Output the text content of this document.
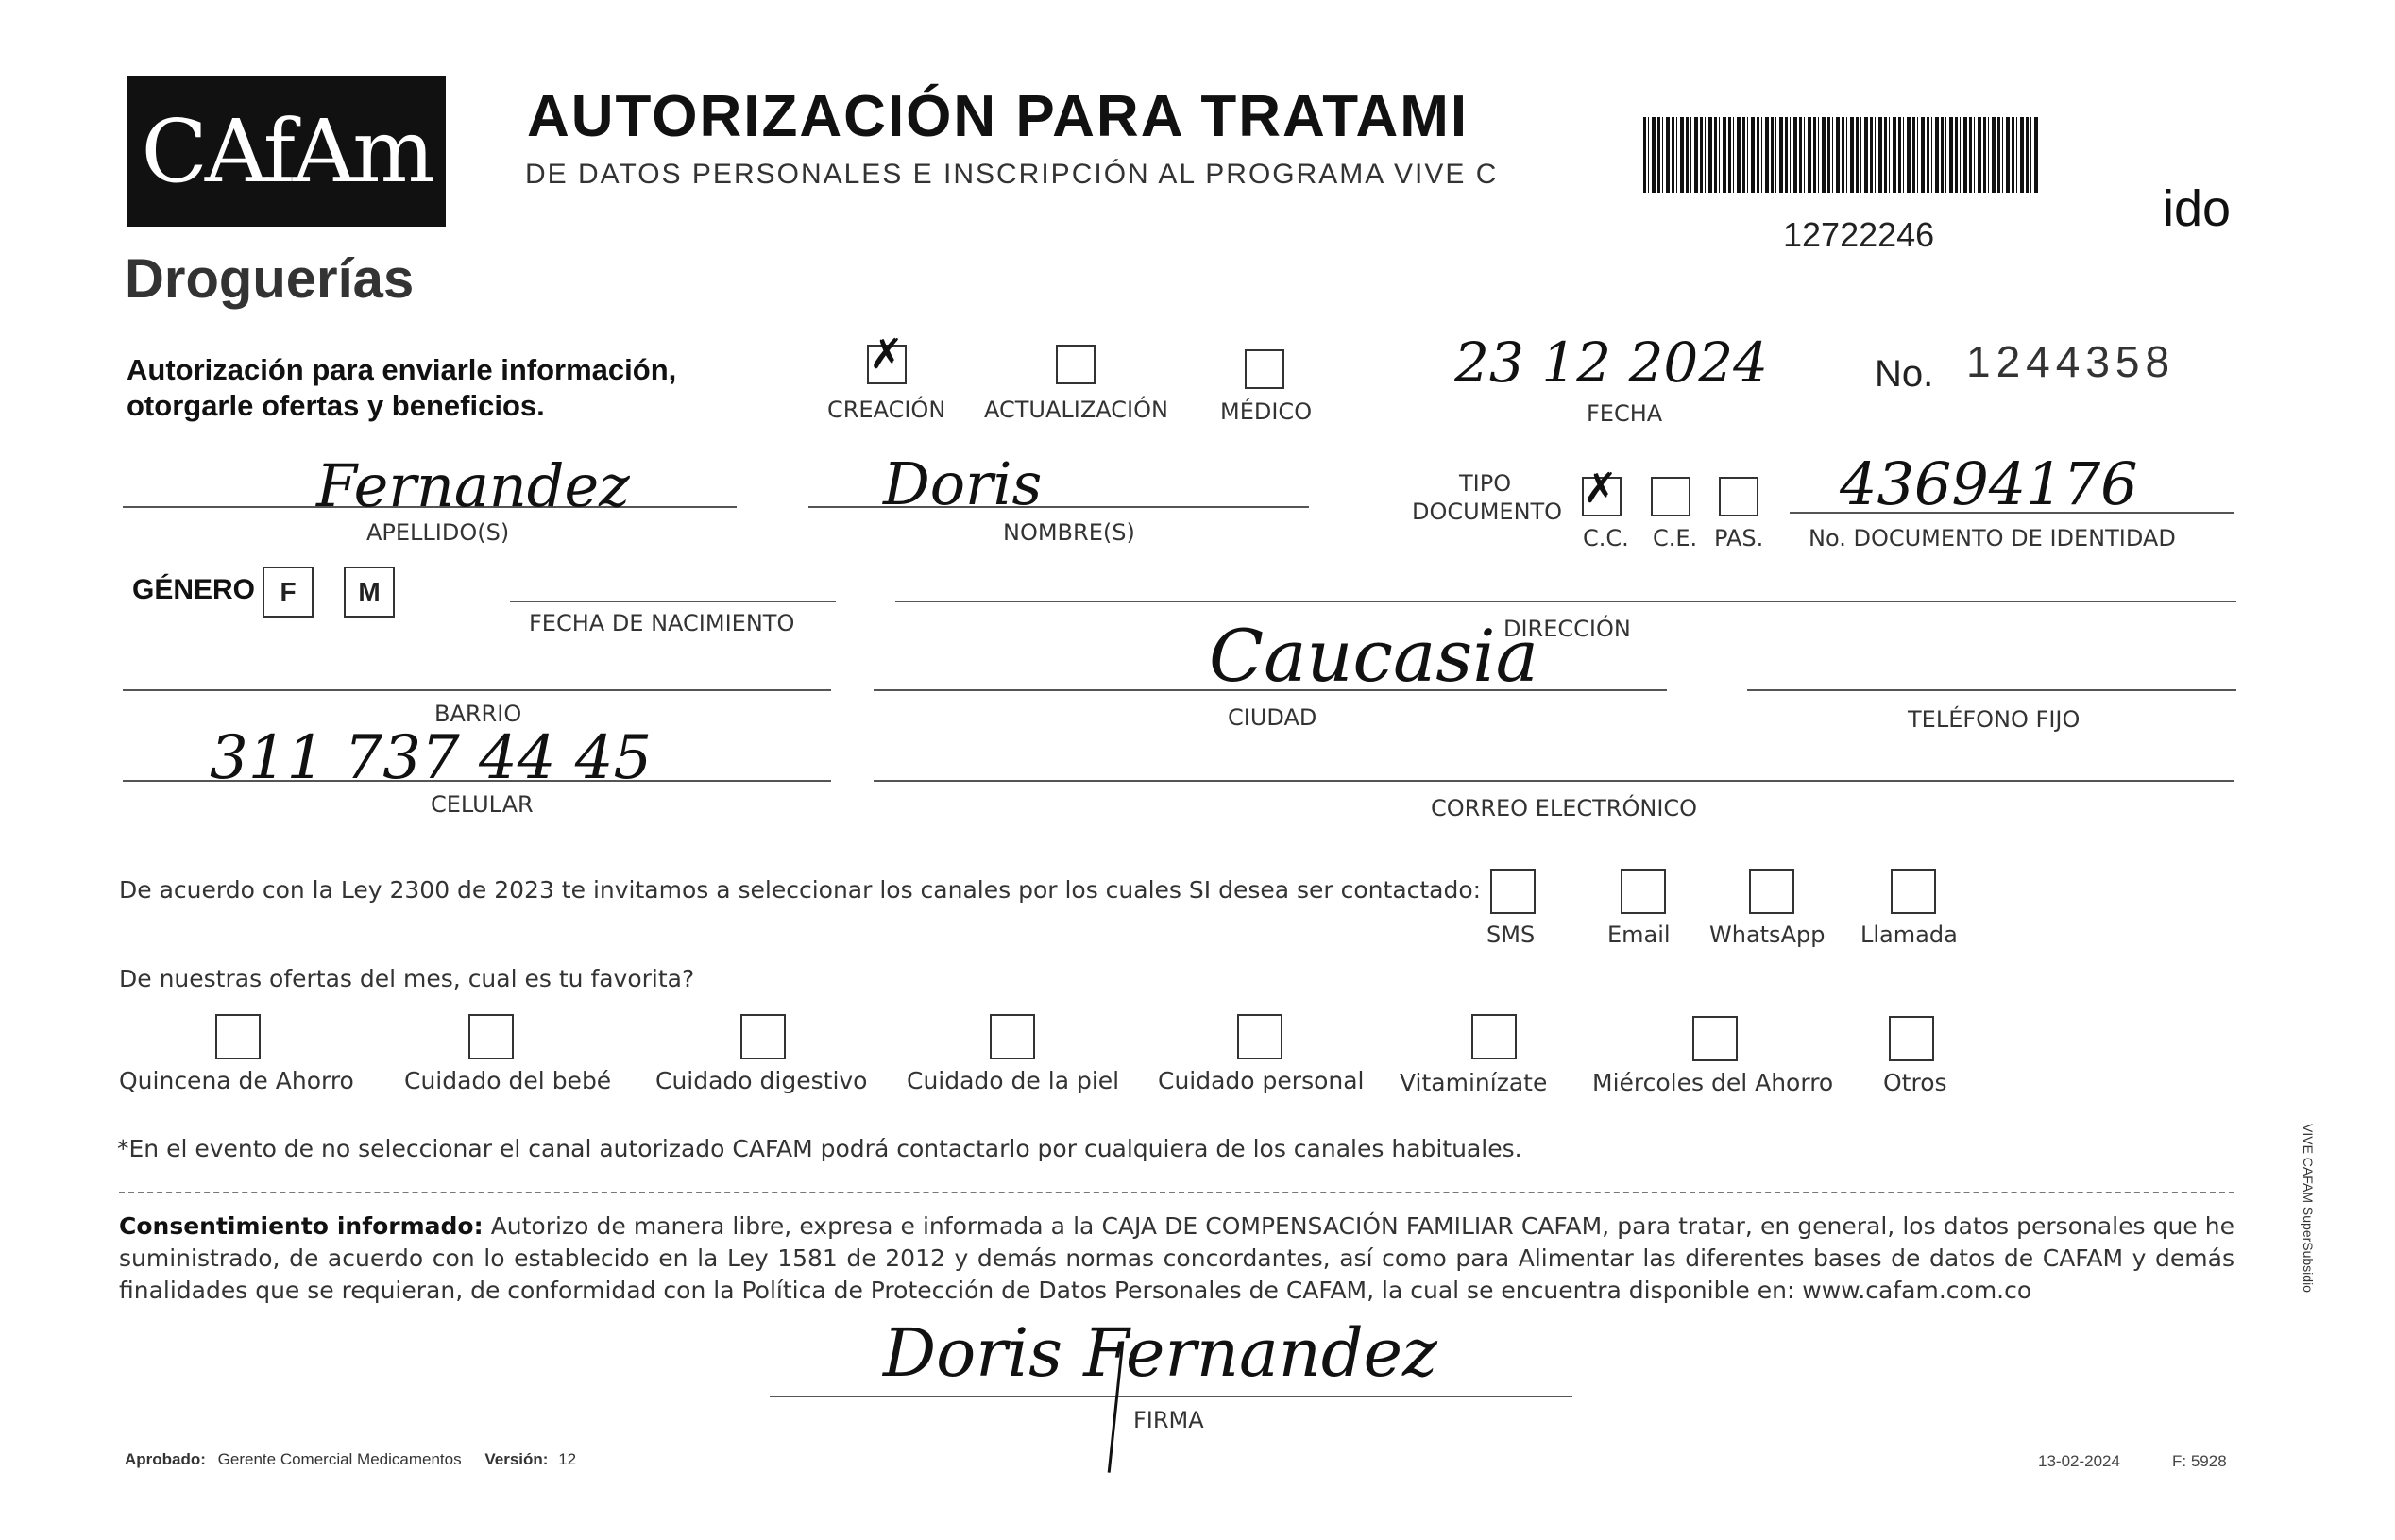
CAfAm
Droguerías
AUTORIZACIÓN PARA TRATAMI
DE DATOS PERSONALES E INSCRIPCIÓN AL PROGRAMA VIVE C
12722246	ido
Autorización para enviarle información,
otorgarle ofertas y beneficios.
✗
CREACIÓN ACTUALIZACIÓN MÉDICO
23 12 2024
FECHA
No. 1244358
Fernandez
APELLIDO(S)
Doris
NOMBRE(S)
TIPO
DOCUMENTO ✗
C.C. C.E. PAS.
43694176
No. DOCUMENTO DE IDENTIDAD
GÉNERO F M
FECHA DE NACIMIENTO	DIRECCIÓN
BARRIO
Caucasia
CIUDAD	TELÉFONO FIJO
311 737 44 45
CELULAR	CORREO ELECTRÓNICO
De acuerdo con la Ley 2300 de 2023 te invitamos a seleccionar los canales por los cuales SI desea ser contactado:
SMS	Email WhatsApp Llamada
De nuestras ofertas del mes, cual es tu favorita?
Quincena de Ahorro Cuidado del bebé Cuidado digestivo Cuidado de la piel Cuidado personal Vitaminízate Miércoles del Ahorro Otros
*En el evento de no seleccionar el canal autorizado CAFAM podrá contactarlo por cualquiera de los canales habituales.
Consentimiento informado: Autorizo de manera libre, expresa e informada a la CAJA DE COMPENSACIÓN FAMILIAR CAFAM, para tratar, en general, los datos personales que he suministrado, de acuerdo con lo establecido en la Ley 1581 de 2012 y demás normas concordantes, así como para Alimentar las diferentes bases de datos de CAFAM y demás finalidades que se requieran, de conformidad con la Política de Protección de Datos Personales de CAFAM, la cual se encuentra disponible en: www.cafam.com.co
Doris Fernandez
FIRMA
Aprobado: Gerente Comercial Medicamentos Versión: 12	13-02-2024	F: 5928
VIVE CAFAM SuperSubsidio
